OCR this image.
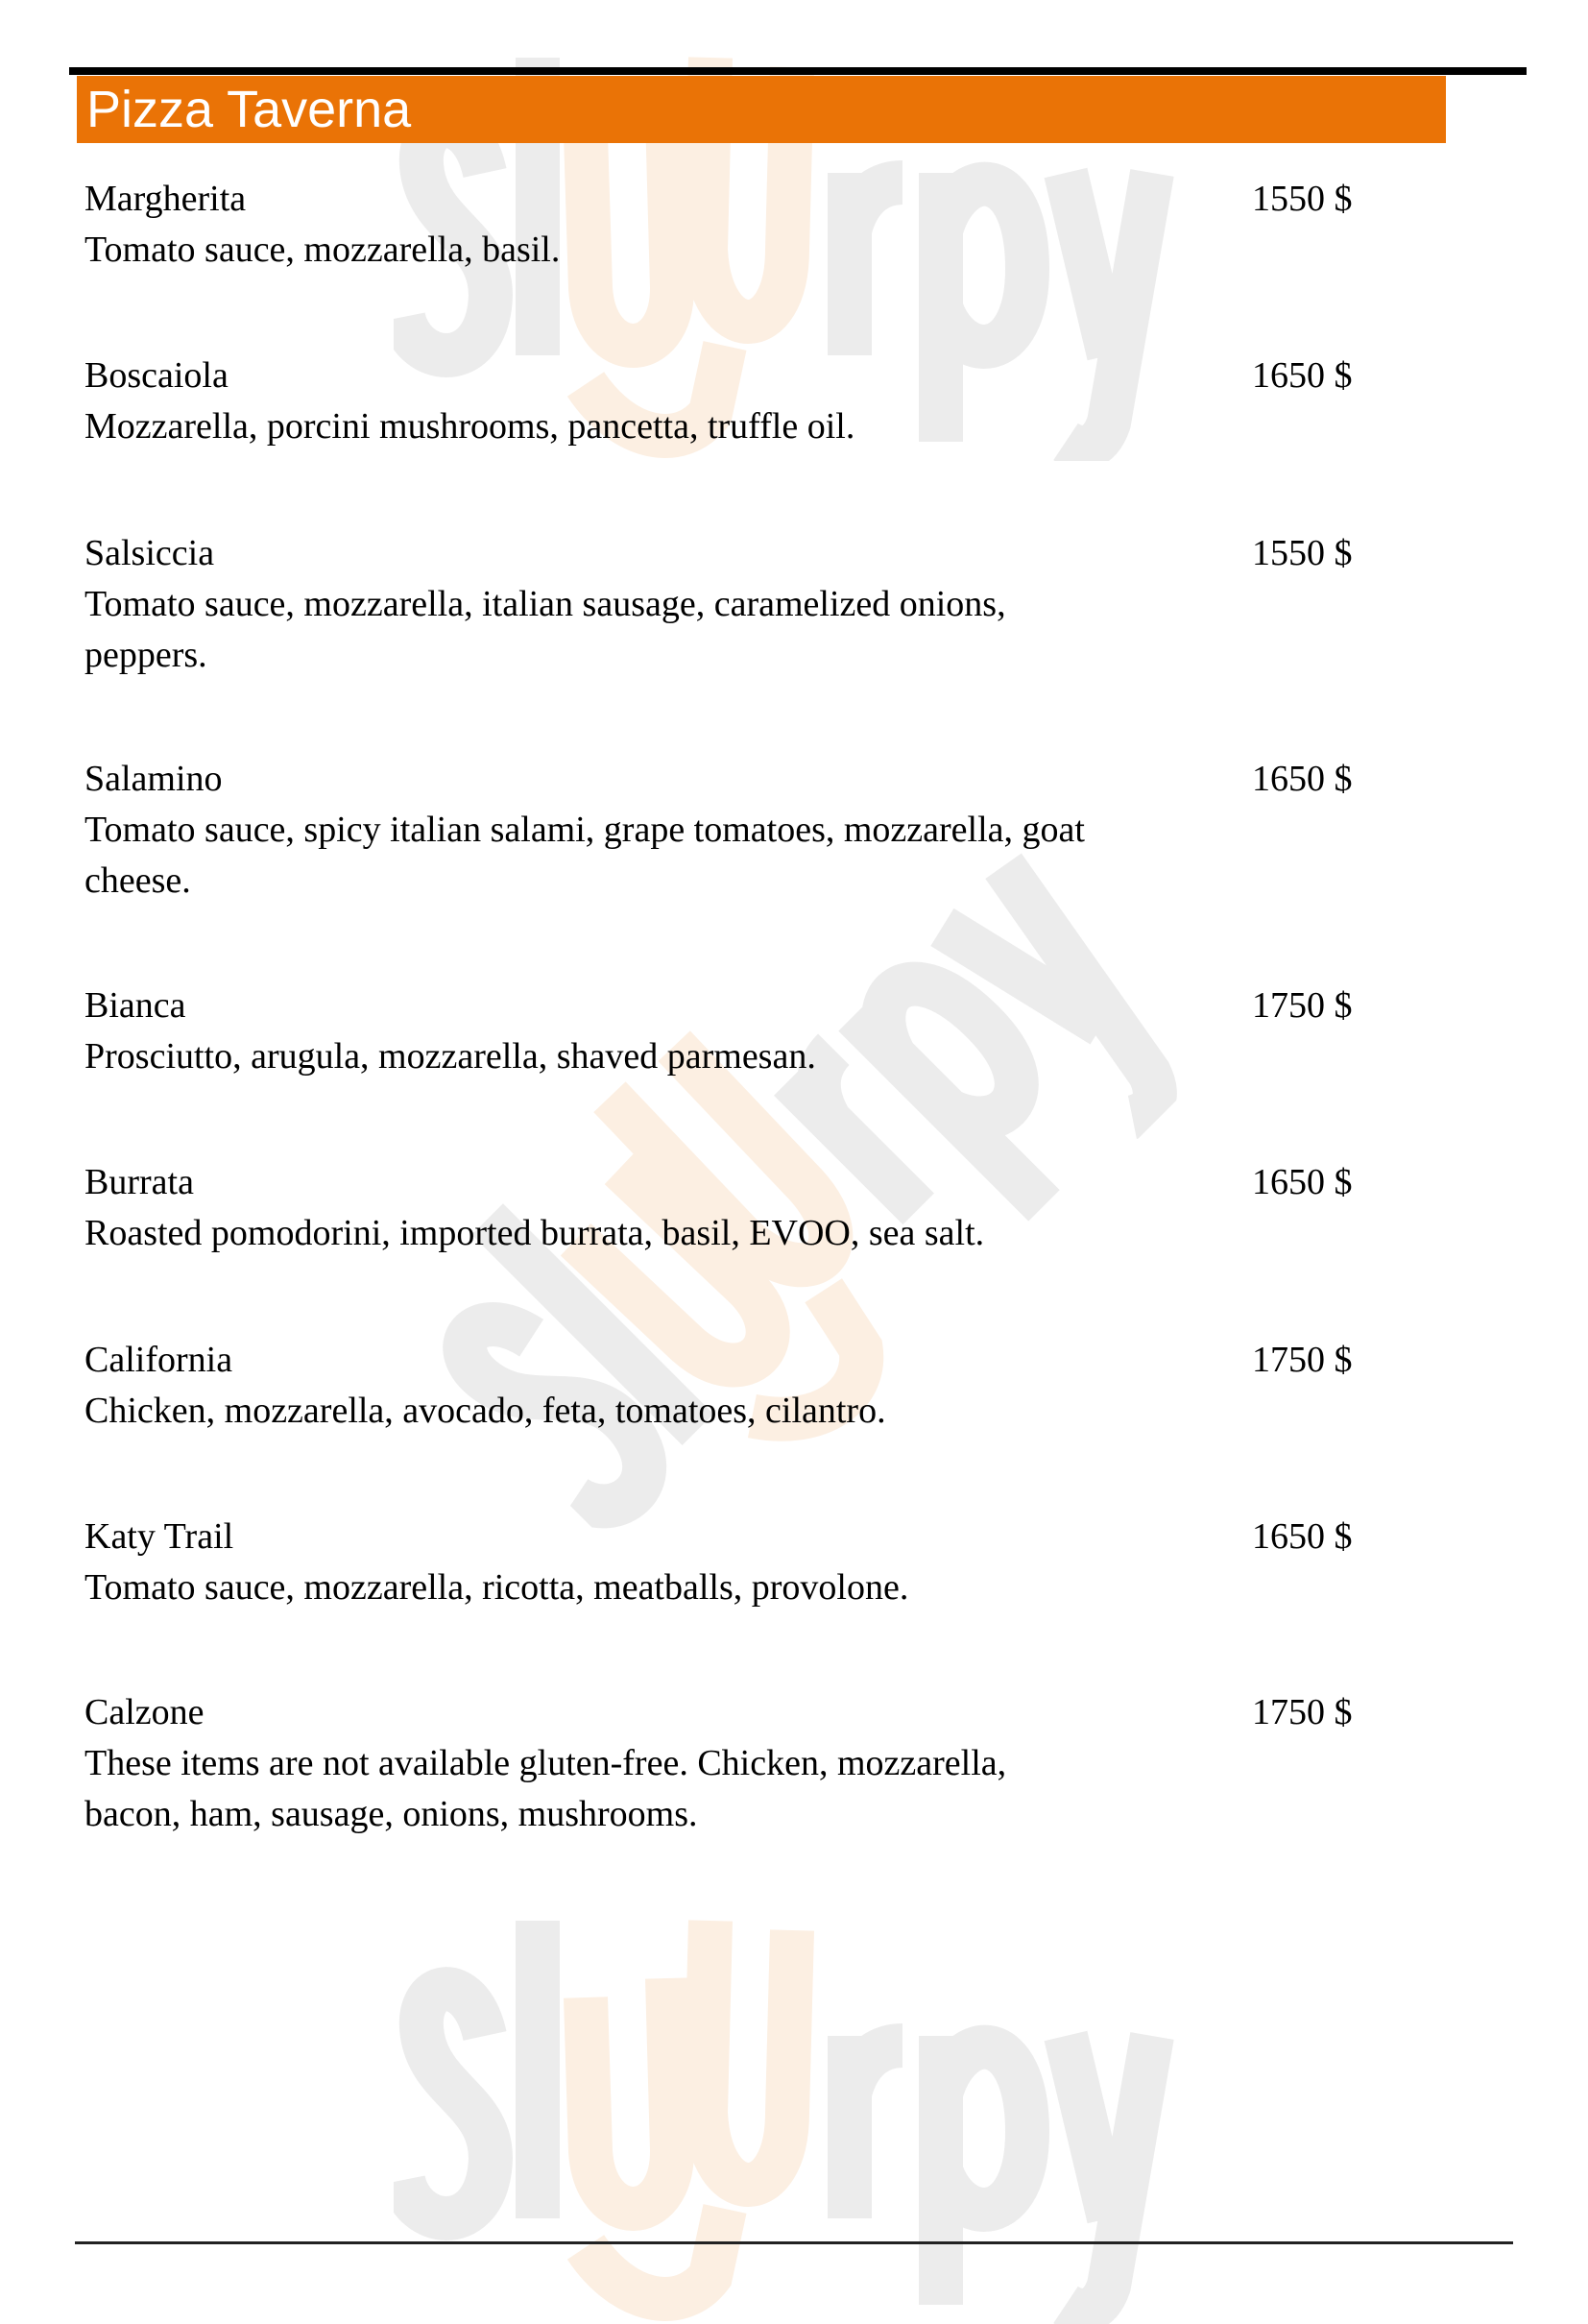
Pizza Taverna
Margherita	1550 $
Tomato sauce, mozzarella, basil.
Boscaiola	1650 $
Mozzarella, porcini mushrooms, pancetta, truffle oil.
Salsiccia	1550 $
Tomato sauce, mozzarella, italian sausage, caramelized onions,
peppers.
Salamino	1650 $
Tomato sauce, spicy italian salami, grape tomatoes, mozzarella, goat
cheese.
Bianca	1750 $
Prosciutto, arugula, mozzarella, shaved parmesan.
Burrata	1650 $
Roasted pomodorini, imported burrata, basil, EVOO, sea salt.
California	1750 $
Chicken, mozzarella, avocado, feta, tomatoes, cilantro.
Katy Trail	1650 $
Tomato sauce, mozzarella, ricotta, meatballs, provolone.
Calzone	1750 $
These items are not available gluten-free. Chicken, mozzarella,
bacon, ham, sausage, onions, mushrooms.
